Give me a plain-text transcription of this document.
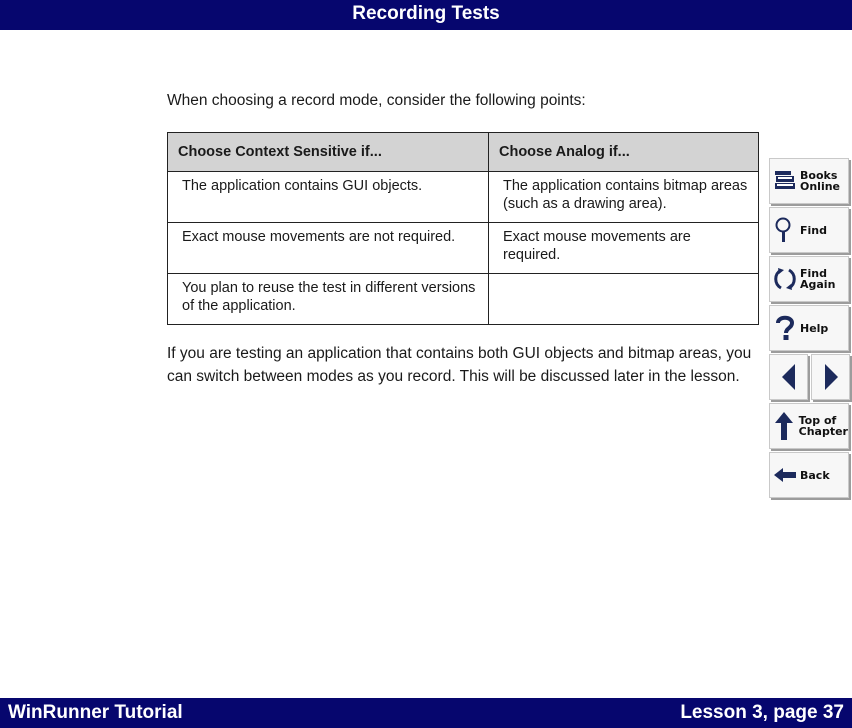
Recording Tests
When choosing a record mode, consider the following points:
Choose Context Sensitive if...	Choose Analog if...
The application contains GUI objects.	The application contains bitmap areas (such as a drawing area).
Exact mouse movements are not required.	Exact mouse movements are required.
You plan to reuse the test in different versions of the application.	
If you are testing an application that contains both GUI objects and bitmap areas, you can switch between modes as you record. This will be discussed later in the lesson.
Books
Online
Find
Find
Again
Help
Top of
Chapter
Back
WinRunner Tutorial	Lesson 3, page 37
